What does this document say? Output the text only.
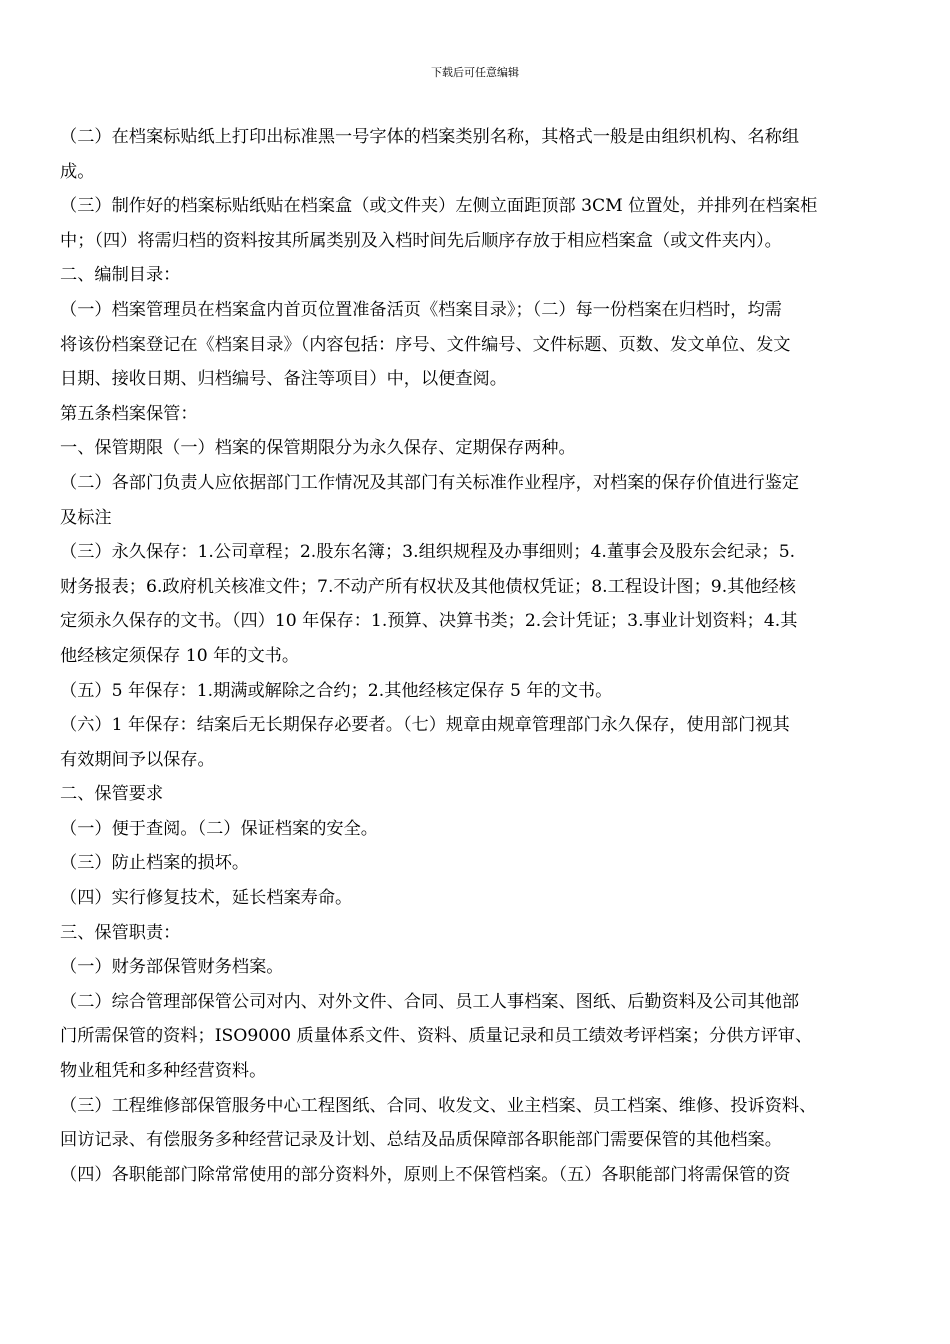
下载后可任意编辑
（二）在档案标贴纸上打印出标准黑一号字体的档案类别名称，其格式一般是由组织机构、名称组
成。
（三）制作好的档案标贴纸贴在档案盒（或文件夹）左侧立面距顶部 3CM 位置处，并排列在档案柜
中；（四）将需归档的资料按其所属类别及入档时间先后顺序存放于相应档案盒（或文件夹内）。
二、编制目录：
（一）档案管理员在档案盒内首页位置准备活页《档案目录》；（二）每一份档案在归档时，均需
将该份档案登记在《档案目录》（内容包括：序号、文件编号、文件标题、页数、发文单位、发文
日期、接收日期、归档编号、备注等项目）中，以便查阅。
第五条档案保管：
一、保管期限（一）档案的保管期限分为永久保存、定期保存两种。
（二）各部门负责人应依据部门工作情况及其部门有关标准作业程序，对档案的保存价值进行鉴定
及标注
（三）永久保存：1.公司章程；2.股东名簿；3.组织规程及办事细则；4.董事会及股东会纪录；5.
财务报表；6.政府机关核准文件；7.不动产所有权状及其他债权凭证；8.工程设计图；9.其他经核
定须永久保存的文书。（四）10 年保存：1.预算、决算书类；2.会计凭证；3.事业计划资料；4.其
他经核定须保存 10 年的文书。
（五）5 年保存：1.期满或解除之合约；2.其他经核定保存 5 年的文书。
（六）1 年保存：结案后无长期保存必要者。（七）规章由规章管理部门永久保存，使用部门视其
有效期间予以保存。
二、保管要求
（一）便于查阅。（二）保证档案的安全。
（三）防止档案的损坏。
（四）实行修复技术，延长档案寿命。
三、保管职责：
（一）财务部保管财务档案。
（二）综合管理部保管公司对内、对外文件、合同、员工人事档案、图纸、后勤资料及公司其他部
门所需保管的资料；ISO9000 质量体系文件、资料、质量记录和员工绩效考评档案；分供方评审、
物业租凭和多种经营资料。
（三）工程维修部保管服务中心工程图纸、合同、收发文、业主档案、员工档案、维修、投诉资料、
回访记录、有偿服务多种经营记录及计划、总结及品质保障部各职能部门需要保管的其他档案。
（四）各职能部门除常常使用的部分资料外，原则上不保管档案。（五）各职能部门将需保管的资
